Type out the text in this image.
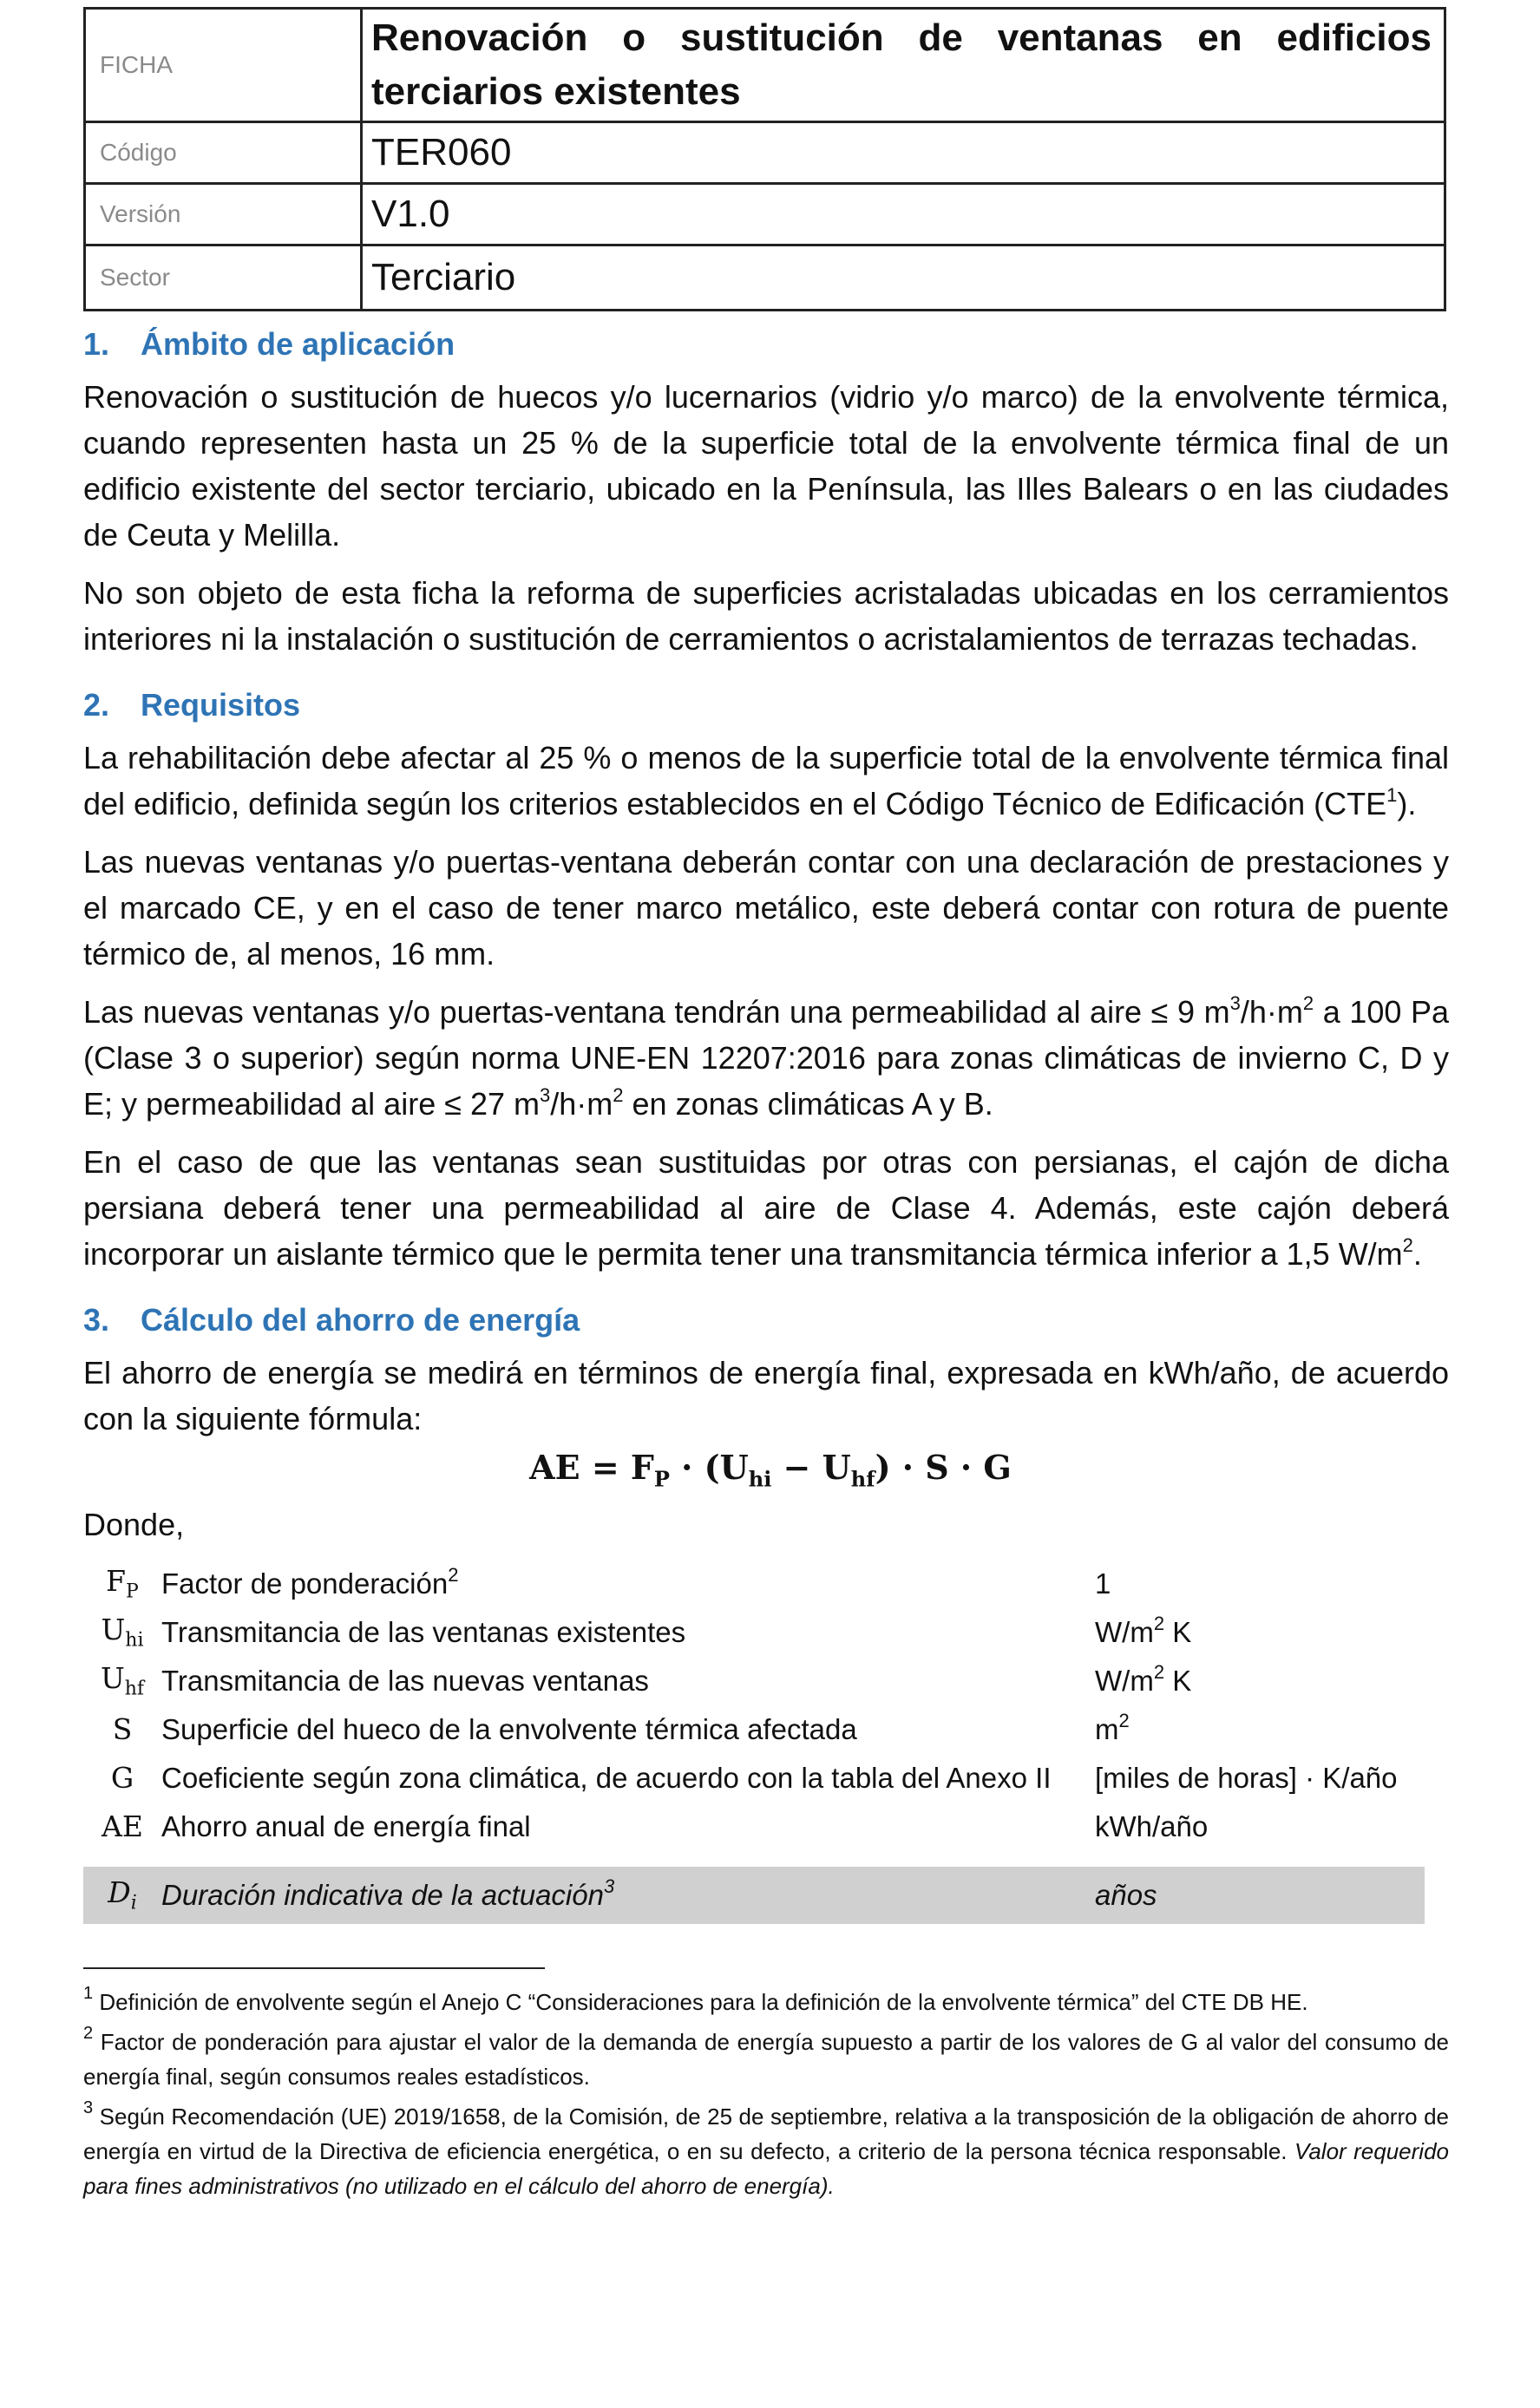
FICHA	Renovación o sustitución de ventanas en edificios terciarios existentes
Código	TER060
Versión	V1.0
Sector	Terciario
1. Ámbito de aplicación

Renovación o sustitución de huecos y/o lucernarios (vidrio y/o marco) de la envolvente térmica, cuando representen hasta un 25 % de la superficie total de la envolvente térmica final de un edificio existente del sector terciario, ubicado en la Península, las Illes Balears o en las ciudades de Ceuta y Melilla.

No son objeto de esta ficha la reforma de superficies acristaladas ubicadas en los cerramientos interiores ni la instalación o sustitución de cerramientos o acristalamientos de terrazas techadas.

2. Requisitos

La rehabilitación debe afectar al 25 % o menos de la superficie total de la envolvente térmica final del edificio, definida según los criterios establecidos en el Código Técnico de Edificación (CTE$^1$).

Las nuevas ventanas y/o puertas-ventana deberán contar con una declaración de prestaciones y el marcado CE, y en el caso de tener marco metálico, este deberá contar con rotura de puente térmico de, al menos, 16 mm.

Las nuevas ventanas y/o puertas-ventana tendrán una permeabilidad al aire ≤ 9 $m^3/h\cdot m^2$ a 100 Pa (Clase 3 o superior) según norma UNE-EN 12207:2016 para zonas climáticas de invierno C, D y E; y permeabilidad al aire ≤ 27 $m^3/h\cdot m^2$ en zonas climáticas A y B.

En el caso de que las ventanas sean sustituidas por otras con persianas, el cajón de dicha persiana deberá tener una permeabilidad al aire de Clase 4. Además, este cajón deberá incorporar un aislante térmico que le permita tener una transmitancia térmica inferior a 1,5 $W/m^2$.

3. Cálculo del ahorro de energía

El ahorro de energía se medirá en términos de energía final, expresada en kWh/año, de acuerdo con la siguiente fórmula:

AE = $F_P \cdot (U_{hi} - U_{hf}) \cdot S \cdot G$

Donde,

$F_P$	Factor de ponderación$^2$	1
$U_{hi}$	Transmitancia de las ventanas existentes	$W/m^2$ K
$U_{hf}$	Transmitancia de las nuevas ventanas	$W/m^2$ K
S	Superficie del hueco de la envolvente térmica afectada	$m^2$
G	Coeficiente según zona climática, de acuerdo con la tabla del Anexo II	[miles de horas] · K/año
AE	Ahorro anual de energía final	kWh/año

$D_i$	Duración indicativa de la actuación$^3$	años

$^1$ Definición de envolvente según el Anejo C “Consideraciones para la definición de la envolvente térmica” del CTE DB HE.

$^2$ Factor de ponderación para ajustar el valor de la demanda de energía supuesto a partir de los valores de G al valor del consumo de energía final, según consumos reales estadísticos.

$^3$ Según Recomendación (UE) 2019/1658, de la Comisión, de 25 de septiembre, relativa a la transposición de la obligación de ahorro de energía en virtud de la Directiva de eficiencia energética, o en su defecto, a criterio de la persona técnica responsable. Valor requerido para fines administrativos (no utilizado en el cálculo del ahorro de energía).
